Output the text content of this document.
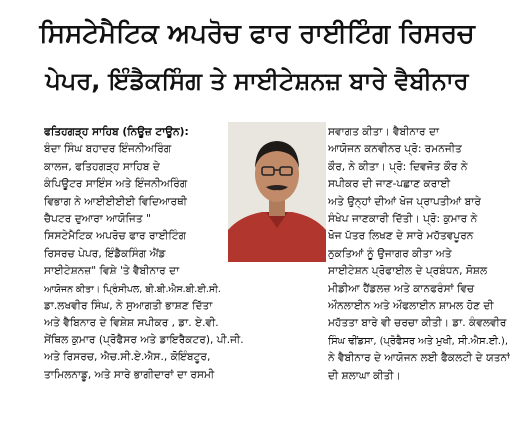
ਸਿਸਟੇਮੈਟਿਕ ਅਪਰੋਚ ਫਾਰ ਰਾਈਟਿੰਗ ਰਿਸਰਚ
ਪੇਪਰ, ਇੰਡੈਕਸਿੰਗ ਤੇ ਸਾਈਟੇਸ਼ਨਜ਼ ਬਾਰੇ ਵੈਬੀਨਾਰ
ਫਤਿਹਗੜ੍ਹ ਸਾਹਿਬ (ਨਿਊਜ਼ ਟਾਊਨ):
ਬੰਦਾ ਸਿੰਘ ਬਹਾਦਰ ਇੰਜਨੀਅਰਿੰਗ
ਕਾਲਜ, ਫਤਿਹਗੜ੍ਹ ਸਾਹਿਬ ਦੇ
ਕੰਪਿਊਟਰ ਸਾਇੰਸ ਅਤੇ ਇੰਜਨੀਅਰਿੰਗ
ਵਿਭਾਗ ਨੇ ਆਈਈਈਈ ਵਿਦਿਆਰਥੀ
ਚੈਪਟਰ ਦੁਆਰਾ ਆਯੋਜਿਤ "
ਸਿਸਟੇਮੈਟਿਕ ਅਪਰੋਚ ਫਾਰ ਰਾਈਟਿੰਗ
ਰਿਸਰਚ ਪੇਪਰ, ਇੰਡੈਕਸਿੰਗ ਐਂਡ
ਸਾਈਟੇਸ਼ਨਜ਼" ਵਿਸ਼ੇ 'ਤੇ ਵੈਬੀਨਾਰ ਦਾ
ਆਯੋਜਨ ਕੀਤਾ। ਪ੍ਰਿੰਸੀਪਲ, ਬੀ.ਬੀ.ਐਸ.ਬੀ.ਈ.ਸੀ.
ਡਾ.ਲਖਵੀਰ ਸਿੰਘ, ਨੇ ਸੁਆਗਤੀ ਭਾਸ਼ਣ ਦਿੱਤਾ
ਅਤੇ ਵੈਬਿਨਾਰ ਦੇ ਵਿਸ਼ੇਸ਼ ਸਪੀਕਰ , ਡਾ. ਏ.ਵੀ.
ਸੇਂਥਿਲ ਕੁਮਾਰ (ਪ੍ਰੋਫੈਸਰ ਅਤੇ ਡਾਇਰੈਕਟਰ), ਪੀ.ਜੀ.
ਅਤੇ ਰਿਸਰਚ, ਐਚ.ਸੀ.ਏ.ਐਸ., ਕੋਇੰਬਟੂਰ,
ਤਾਮਿਲਨਾਡੂ, ਅਤੇ ਸਾਰੇ ਭਾਗੀਦਾਰਾਂ ਦਾ ਰਸਮੀ
ਸਵਾਗਤ ਕੀਤਾ। ਵੈਬੀਨਾਰ ਦਾ
ਆਯੋਜਨ ਕਨਵੀਨਰ ਪ੍ਰੋ: ਰਮਨਜੀਤ
ਕੌਰ, ਨੇ ਕੀਤਾ। ਪ੍ਰੋ: ਦਿਵਜੋਤ ਕੌਰ ਨੇ
ਸਪੀਕਰ ਦੀ ਜਾਣ-ਪਛਾਣ ਕਰਾਈ
ਅਤੇ ਉਨ੍ਹਾਂ ਦੀਆਂ ਖੋਜ ਪ੍ਰਾਪਤੀਆਂ ਬਾਰੇ
ਸੰਖੇਪ ਜਾਣਕਾਰੀ ਦਿੱਤੀ। ਪ੍ਰੋ: ਕੁਮਾਰ ਨੇ
ਖੋਜ ਪੱਤਰ ਲਿਖਣ ਦੇ ਸਾਰੇ ਮਹੱਤਵਪੂਰਨ
ਨੁਕਤਿਆਂ ਨੂੰ ਉਜਾਗਰ ਕੀਤਾ ਅਤੇ
ਸਾਈਟੇਸ਼ਨ ਪ੍ਰੋਫਾਈਲ ਦੇ ਪ੍ਰਬੰਧਨ, ਸੋਸ਼ਲ
ਮੀਡੀਆ ਹੈਂਡਲਜ਼ ਅਤੇ ਕਾਨਫਰੰਸਾਂ ਵਿਚ
ਔਨਲਾਈਨ ਅਤੇ ਔਫਲਾਈਨ ਸ਼ਾਮਲ ਹੋਣ ਦੀ
ਮਹੱਤਤਾ ਬਾਰੇ ਵੀ ਚਰਚਾ ਕੀਤੀ। ਡਾ. ਕੰਵਲਵੀਰ
ਸਿੰਘ ਢੀਂਡਸਾ, (ਪ੍ਰੋਫੈਸਰ ਅਤੇ ਮੁਖੀ, ਸੀ.ਐਸ.ਈ.),
ਨੇ ਵੈਬੀਨਾਰ ਦੇ ਆਯੋਜਨ ਲਈ ਫੈਕਲਟੀ ਦੇ ਯਤਨਾਂ
ਦੀ ਸ਼ਲਾਘਾ ਕੀਤੀ।
